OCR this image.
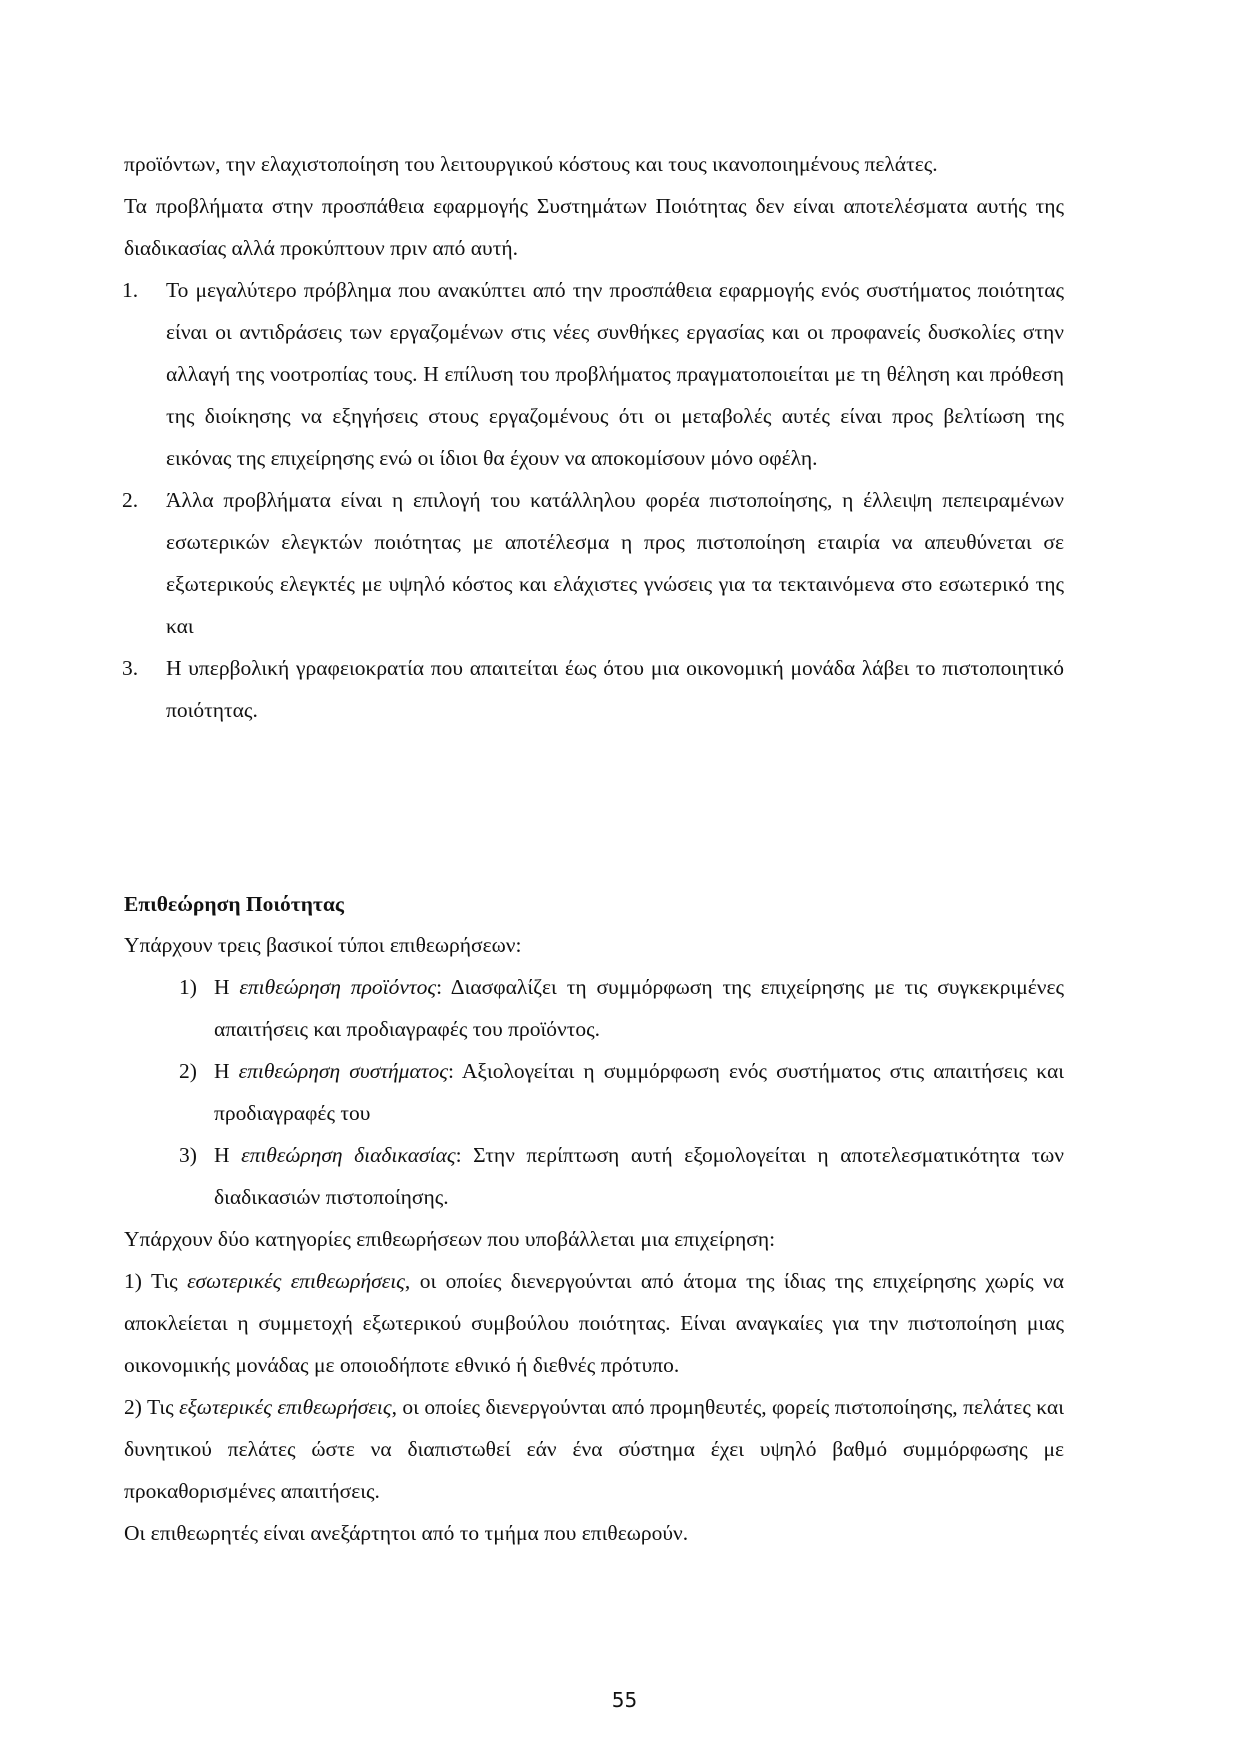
προϊόντων, την ελαχιστοποίηση του λειτουργικού κόστους και τους ικανοποιημένους πελάτες.

Τα προβλήματα στην προσπάθεια εφαρμογής Συστημάτων Ποιότητας δεν είναι αποτελέσματα αυτής της διαδικασίας αλλά προκύπτουν πριν από αυτή.

1. Το μεγαλύτερο πρόβλημα που ανακύπτει από την προσπάθεια εφαρμογής ενός συστήματος ποιότητας είναι οι αντιδράσεις των εργαζομένων στις νέες συνθήκες εργασίας και οι προφανείς δυσκολίες στην αλλαγή της νοοτροπίας τους. Η επίλυση του προβλήματος πραγματοποιείται με τη θέληση και πρόθεση της διοίκησης να εξηγήσεις στους εργαζομένους ότι οι μεταβολές αυτές είναι προς βελτίωση της εικόνας της επιχείρησης ενώ οι ίδιοι θα έχουν να αποκομίσουν μόνο οφέλη.
2. Άλλα προβλήματα είναι η επιλογή του κατάλληλου φορέα πιστοποίησης, η έλλειψη πεπειραμένων εσωτερικών ελεγκτών ποιότητας με αποτέλεσμα η προς πιστοποίηση εταιρία να απευθύνεται σε εξωτερικούς ελεγκτές με υψηλό κόστος και ελάχιστες γνώσεις για τα τεκταινόμενα στο εσωτερικό της και
3. Η υπερβολική γραφειοκρατία που απαιτείται έως ότου μια οικονομική μονάδα λάβει το πιστοποιητικό ποιότητας.

Επιθεώρηση Ποιότητας

Υπάρχουν τρεις βασικοί τύποι επιθεωρήσεων:

1) Η επιθεώρηση προϊόντος: Διασφαλίζει τη συμμόρφωση της επιχείρησης με τις συγκεκριμένες απαιτήσεις και προδιαγραφές του προϊόντος.
2) Η επιθεώρηση συστήματος: Αξιολογείται η συμμόρφωση ενός συστήματος στις απαιτήσεις και προδιαγραφές του
3) Η επιθεώρηση διαδικασίας: Στην περίπτωση αυτή εξομολογείται η αποτελεσματικότητα των διαδικασιών πιστοποίησης.

Υπάρχουν δύο κατηγορίες επιθεωρήσεων που υποβάλλεται μια επιχείρηση:

1) Τις εσωτερικές επιθεωρήσεις, οι οποίες διενεργούνται από άτομα της ίδιας της επιχείρησης χωρίς να αποκλείεται η συμμετοχή εξωτερικού συμβούλου ποιότητας. Είναι αναγκαίες για την πιστοποίηση μιας οικονομικής μονάδας με οποιοδήποτε εθνικό ή διεθνές πρότυπο.

2) Τις εξωτερικές επιθεωρήσεις, οι οποίες διενεργούνται από προμηθευτές, φορείς πιστοποίησης, πελάτες και δυνητικού πελάτες ώστε να διαπιστωθεί εάν ένα σύστημα έχει υψηλό βαθμό συμμόρφωσης με προκαθορισμένες απαιτήσεις.

Οι επιθεωρητές είναι ανεξάρτητοι από το τμήμα που επιθεωρούν.

55
